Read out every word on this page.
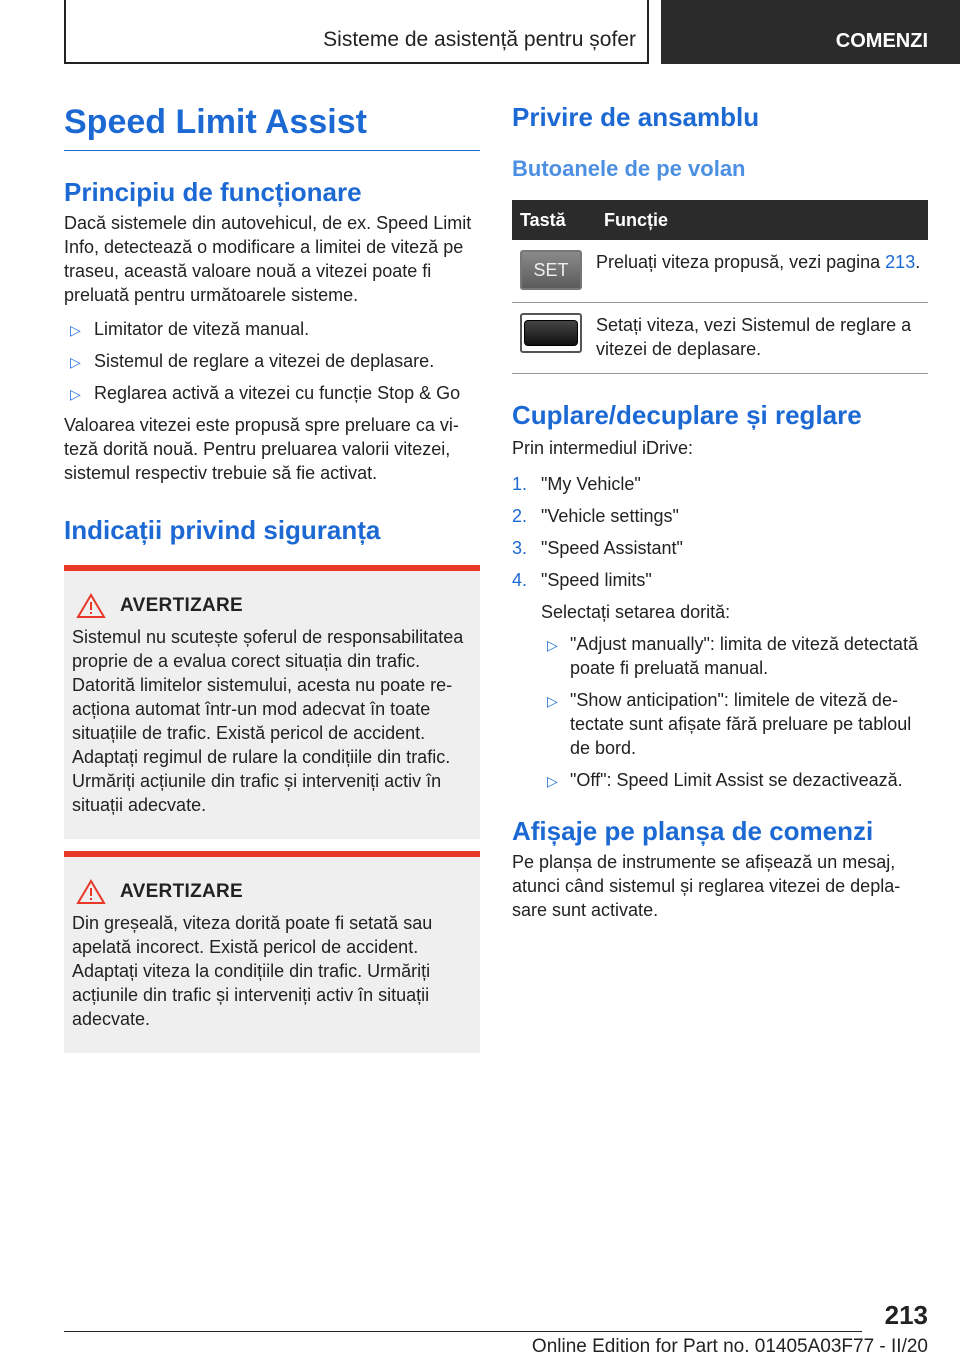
Sisteme de asistență pentru șofer	COMENZI
Speed Limit Assist
Principiu de funcționare

Dacă sistemele din autovehicul, de ex. Speed Limit Info, detectează o modificare a limitei de viteză pe traseu, această valoare nouă a vitezei poate fi preluată pentru următoarele sisteme.

▷ Limitator de viteză manual.
▷ Sistemul de reglare a vitezei de deplasare.
▷ Reglarea activă a vitezei cu funcție Stop & Go

Valoarea vitezei este propusă spre preluare ca viteză dorită nouă. Pentru preluarea valorii vitezei, sistemul respectiv trebuie să fie activat.

Indicații privind siguranța
AVERTIZARE

Sistemul nu scutește șoferul de responsabilitatea proprie de a evalua corect situația din trafic. Datorită limitelor sistemului, acesta nu poate reacționa automat într-un mod adecvat în toate situațiile de trafic. Există pericol de accident. Adaptați regimul de rulare la condițiile din trafic. Urmăriți acțiunile din trafic și interveniți activ în situații adecvate.

AVERTIZARE

Din greșeală, viteza dorită poate fi setată sau apelată incorect. Există pericol de accident. Adaptați viteza la condițiile din trafic. Urmăriți acțiunile din trafic și interveniți activ în situații adecvate.

Privire de ansamblu
Butoanele de pe volan
Tastă	Funcție

SET	Preluați viteza propusă, vezi pagina 213.

	Setați viteza, vezi Sistemul de reglare a vitezei de deplasare.
Cuplare/decuplare și reglare

Prin intermediul iDrive:

1. "My Vehicle"
2. "Vehicle settings"
3. "Speed Assistant"
4. "Speed limits"
Selectați setarea dorită:
▷ "Adjust manually": limita de viteză detectată poate fi preluată manual.
▷ "Show anticipation": limitele de viteză detectate sunt afișate fără preluare pe tabloul de bord.
▷ "Off": Speed Limit Assist se dezactivează.
Afișaje pe planșa de comenzi

Pe planșa de instrumente se afișează un mesaj, atunci când sistemul și reglarea vitezei de deplasare sunt activate.

213
Online Edition for Part no. 01405A03F77 - II/20
